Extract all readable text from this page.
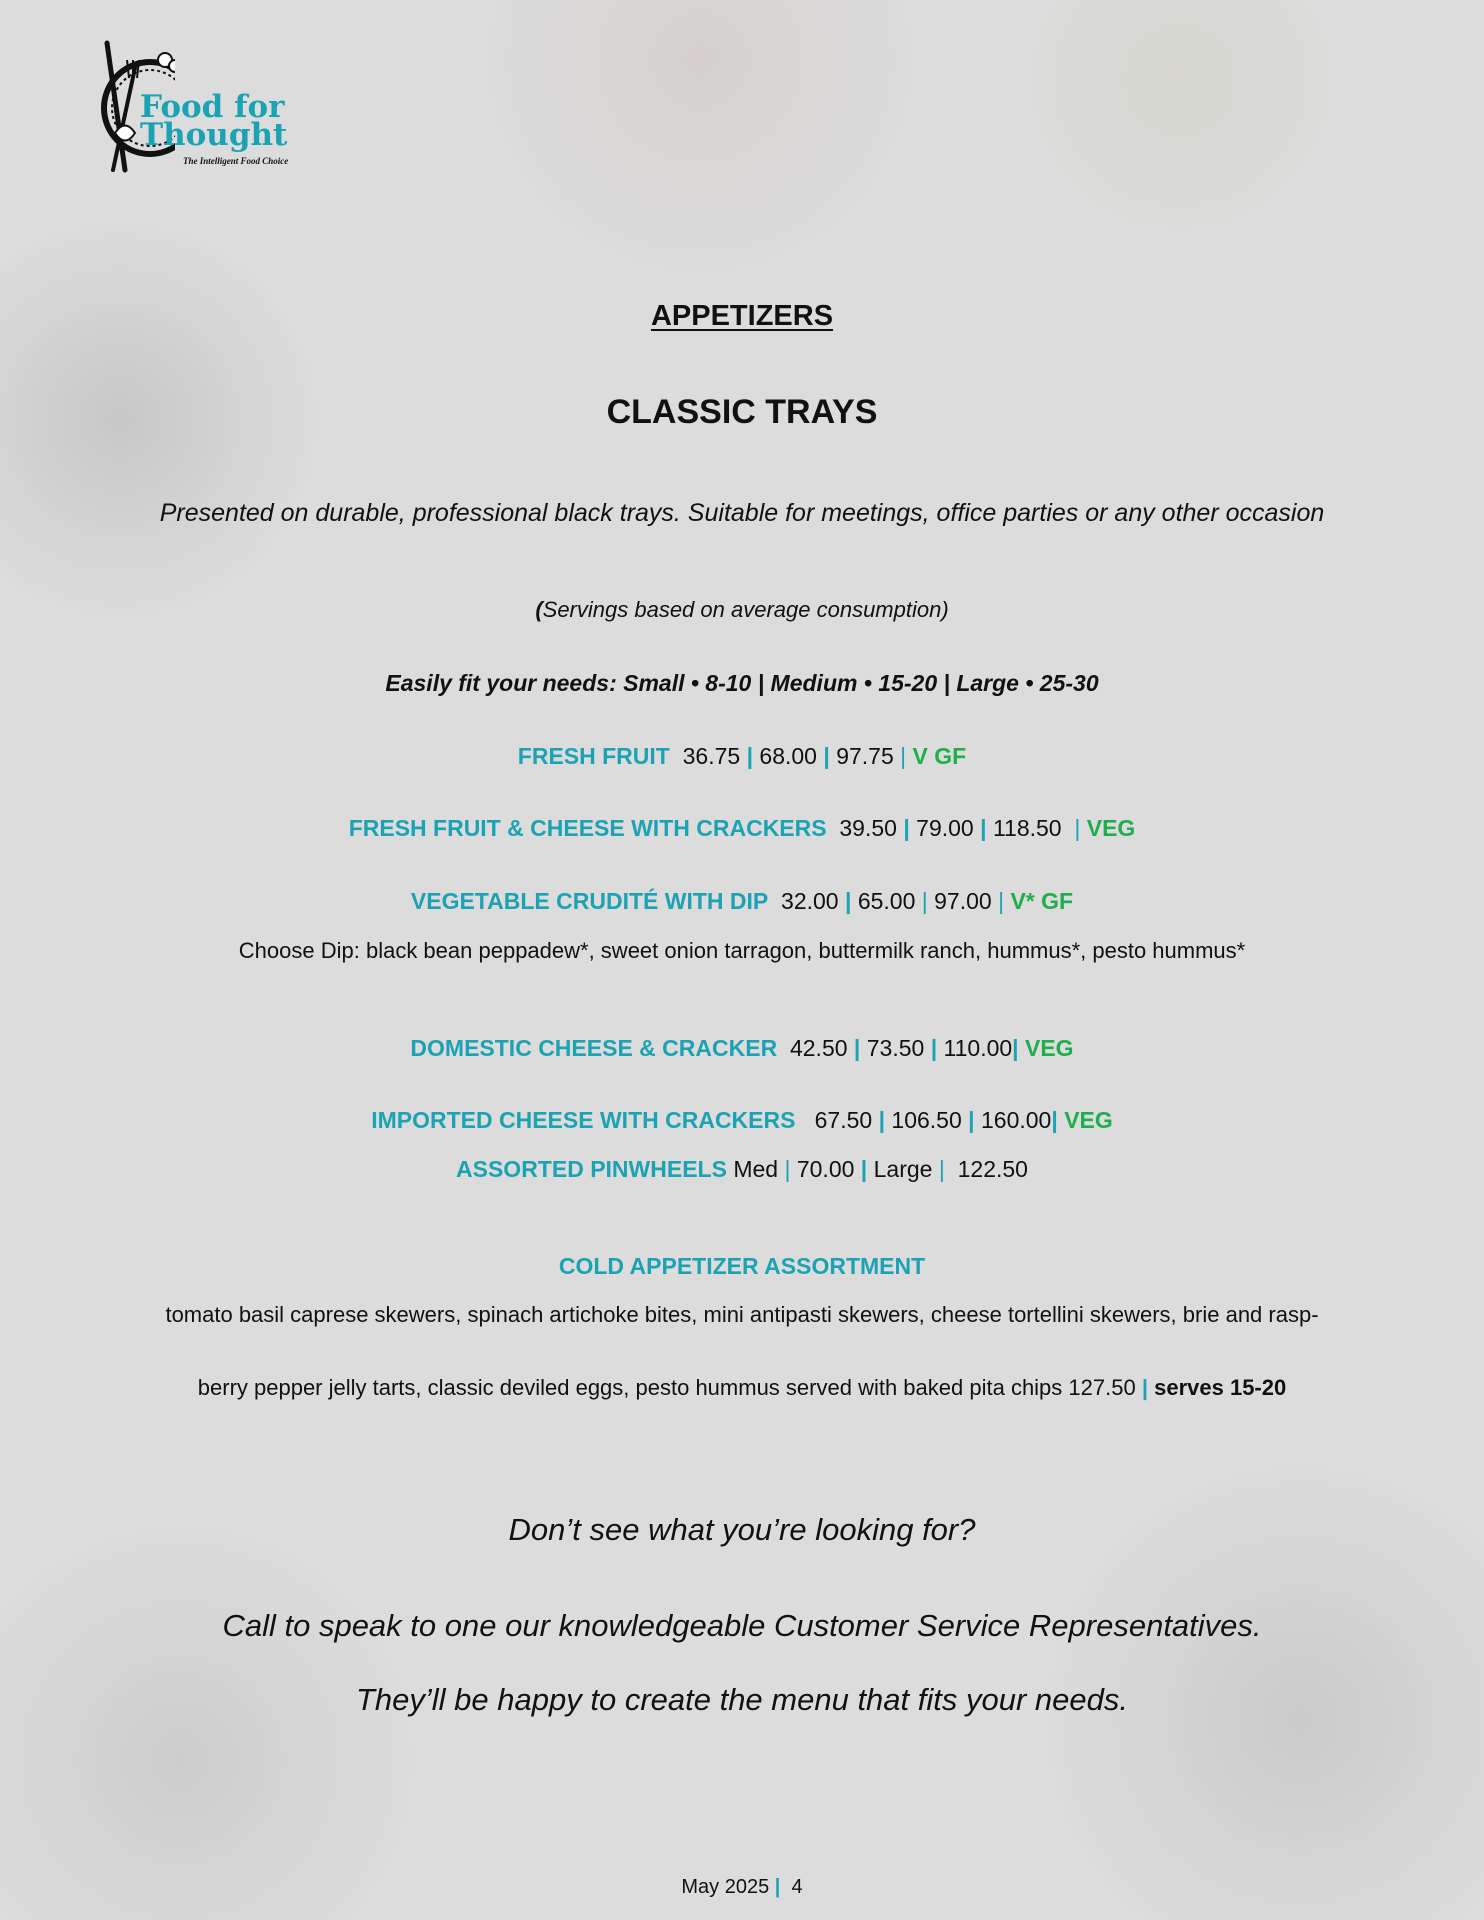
Food for
Thought
The Intelligent Food Choice
APPETIZERS
CLASSIC TRAYS
Presented on durable, professional black trays. Suitable for meetings, office parties or any other occasion
(Servings based on average consumption)
Easily fit your needs: Small • 8-10 | Medium • 15-20 | Large • 25-30
FRESH FRUIT 36.75 | 68.00 | 97.75 | V GF
FRESH FRUIT & CHEESE WITH CRACKERS 39.50 | 79.00 | 118.50 | VEG
VEGETABLE CRUDITÉ WITH DIP 32.00 | 65.00 | 97.00 | V* GF
Choose Dip: black bean peppadew*, sweet onion tarragon, buttermilk ranch, hummus*, pesto hummus*
DOMESTIC CHEESE & CRACKER 42.50 | 73.50 | 110.00| VEG
IMPORTED CHEESE WITH CRACKERS 67.50 | 106.50 | 160.00| VEG
ASSORTED PINWHEELS Med | 70.00 | Large | 122.50
COLD APPETIZER ASSORTMENT
tomato basil caprese skewers, spinach artichoke bites, mini antipasti skewers, cheese tortellini skewers, brie and rasp-
berry pepper jelly tarts, classic deviled eggs, pesto hummus served with baked pita chips 127.50 | serves 15-20
Don’t see what you’re looking for?
Call to speak to one our knowledgeable Customer Service Representatives.
They’ll be happy to create the menu that fits your needs.
May 2025 | 4
